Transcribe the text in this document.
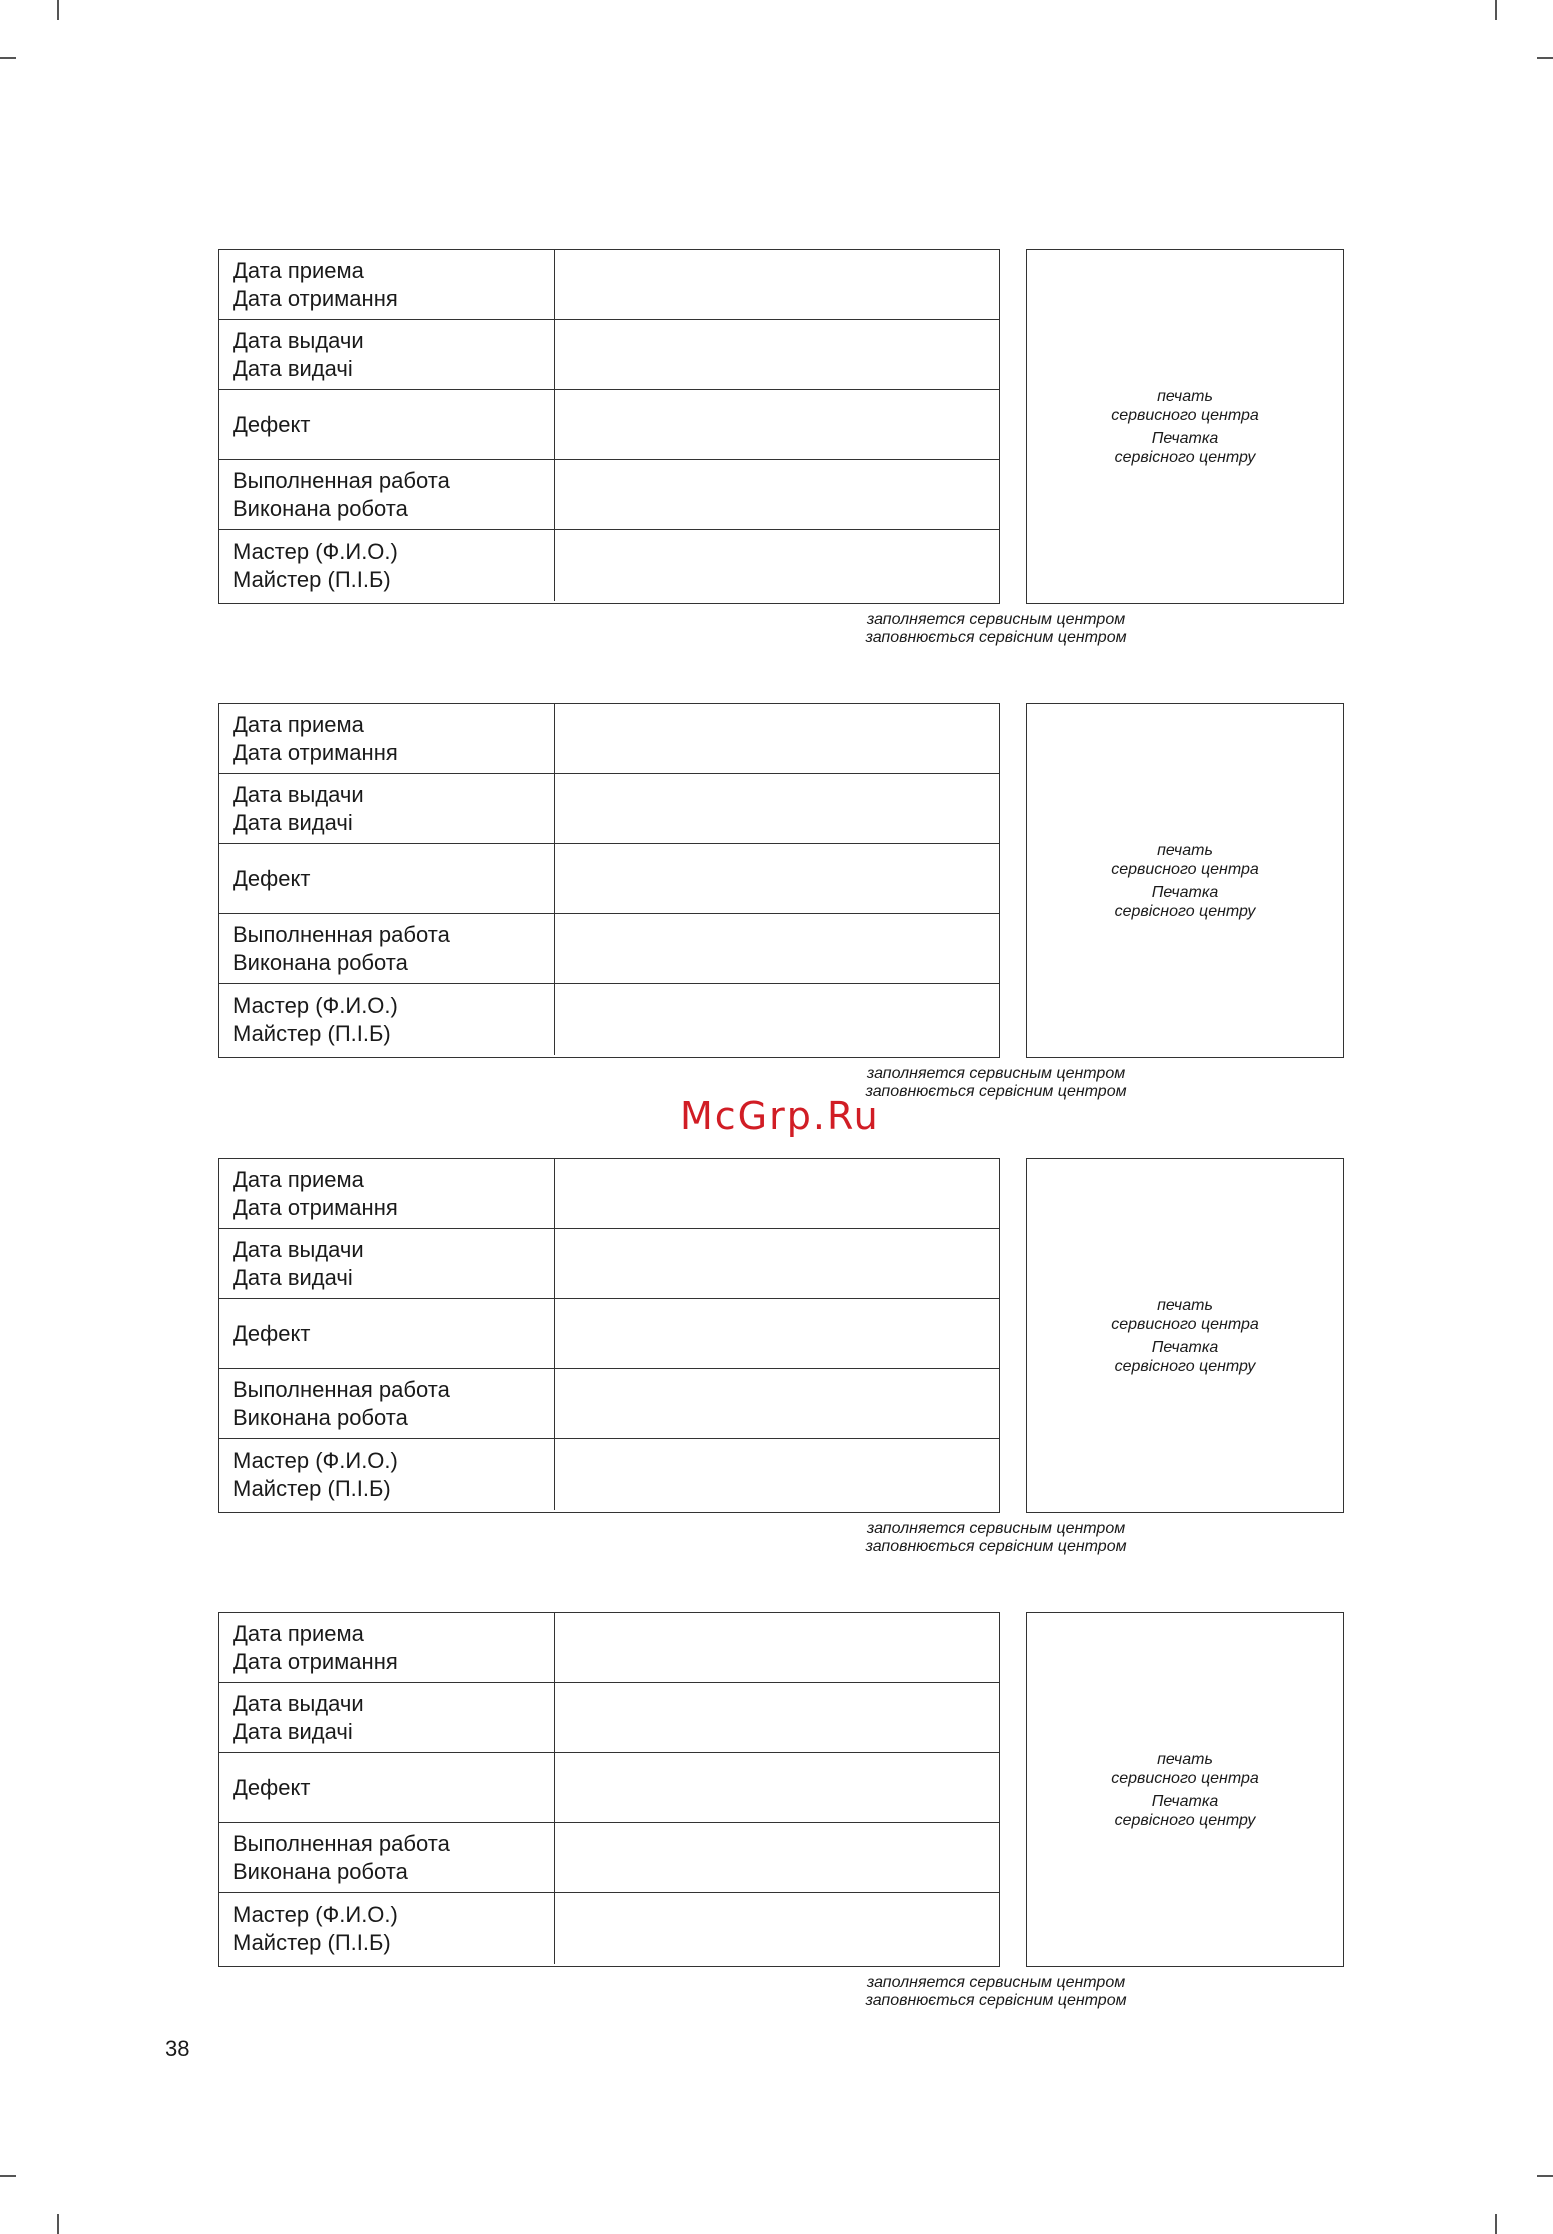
Дата приема
Дата отримання
Дата выдачи
Дата видачі
Дефект
Выполненная работа
Виконана робота
Мастер (Ф.И.О.)
Майстер (П.І.Б)
печать
сервисного центра
Печатка
сервісного центру
заполняется сервисным центром
заповнюється сервісним центром
Дата приема
Дата отримання
Дата выдачи
Дата видачі
Дефект
Выполненная работа
Виконана робота
Мастер (Ф.И.О.)
Майстер (П.І.Б)
печать
сервисного центра
Печатка
сервісного центру
заполняется сервисным центром
заповнюється сервісним центром
McGrp.Ru
Дата приема
Дата отримання
Дата выдачи
Дата видачі
Дефект
Выполненная работа
Виконана робота
Мастер (Ф.И.О.)
Майстер (П.І.Б)
печать
сервисного центра
Печатка
сервісного центру
заполняется сервисным центром
заповнюється сервісним центром
Дата приема
Дата отримання
Дата выдачи
Дата видачі
Дефект
Выполненная работа
Виконана робота
Мастер (Ф.И.О.)
Майстер (П.І.Б)
печать
сервисного центра
Печатка
сервісного центру
заполняется сервисным центром
заповнюється сервісним центром
38
